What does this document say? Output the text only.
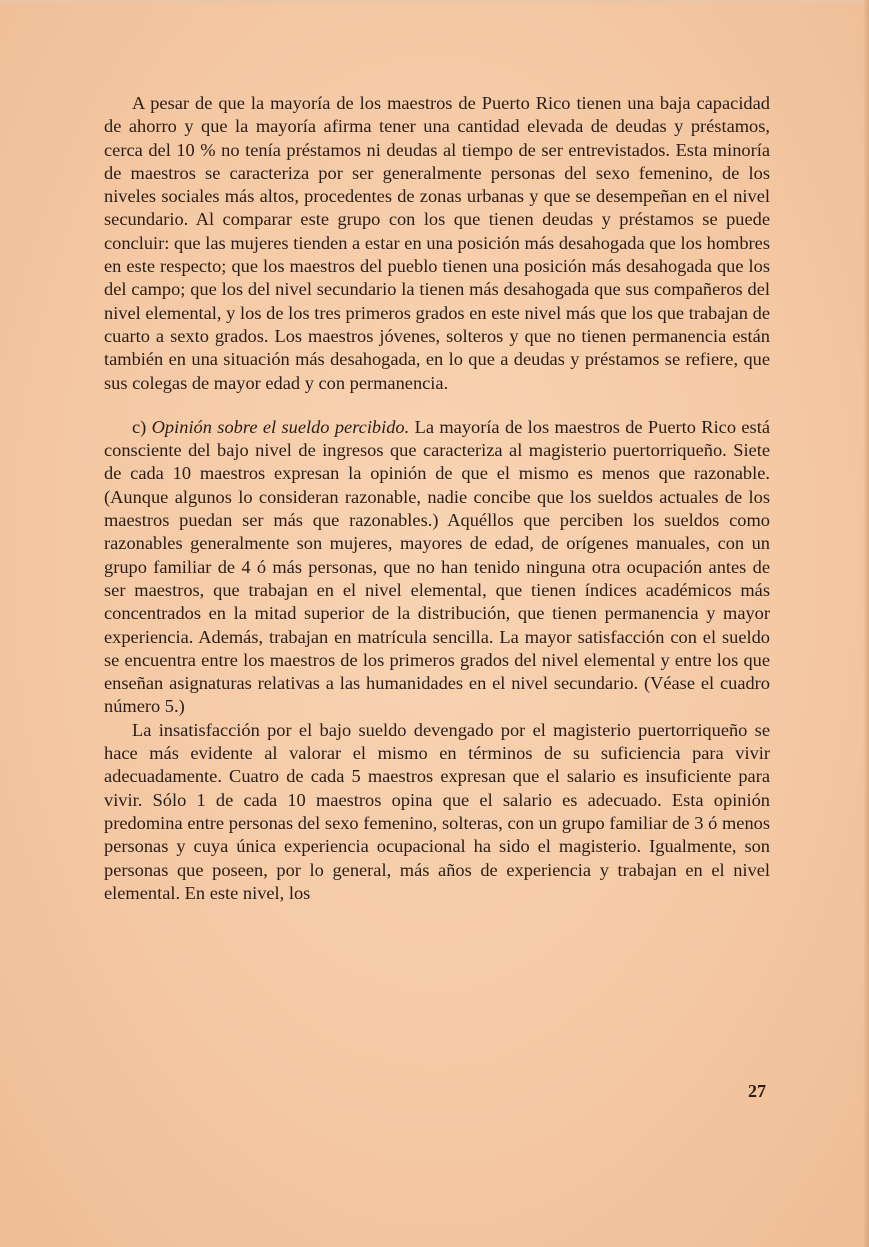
A pesar de que la mayoría de los maestros de Puerto Rico tienen una baja capacidad de ahorro y que la mayoría afirma tener una cantidad elevada de deudas y préstamos, cerca del 10 % no tenía préstamos ni deudas al tiempo de ser entrevistados. Esta minoría de maestros se caracteriza por ser generalmente personas del sexo femenino, de los niveles sociales más altos, procedentes de zonas urbanas y que se desempeñan en el nivel secundario. Al comparar este grupo con los que tienen deudas y préstamos se puede concluir: que las mujeres tienden a estar en una posición más desahogada que los hombres en este respecto; que los maestros del pueblo tienen una posición más desahogada que los del campo; que los del nivel secundario la tienen más desahogada que sus compañeros del nivel elemental, y los de los tres primeros grados en este nivel más que los que trabajan de cuarto a sexto grados. Los maestros jóvenes, solteros y que no tienen permanencia están también en una situación más desahogada, en lo que a deudas y préstamos se refiere, que sus colegas de mayor edad y con permanencia.

c) Opinión sobre el sueldo percibido. La mayoría de los maestros de Puerto Rico está consciente del bajo nivel de ingresos que caracteriza al magisterio puertorriqueño. Siete de cada 10 maestros expresan la opinión de que el mismo es menos que razonable. (Aunque algunos lo consideran razonable, nadie concibe que los sueldos actuales de los maestros puedan ser más que razonables.) Aquéllos que perciben los sueldos como razonables generalmente son mujeres, mayores de edad, de orígenes manuales, con un grupo familiar de 4 ó más personas, que no han tenido ninguna otra ocupación antes de ser maestros, que trabajan en el nivel elemental, que tienen índices académicos más concentrados en la mitad superior de la distribución, que tienen permanencia y mayor experiencia. Además, trabajan en matrícula sencilla. La mayor satisfacción con el sueldo se encuentra entre los maestros de los primeros grados del nivel elemental y entre los que enseñan asignaturas relativas a las humanidades en el nivel secundario. (Véase el cuadro número 5.)

La insatisfacción por el bajo sueldo devengado por el magisterio puertorriqueño se hace más evidente al valorar el mismo en términos de su suficiencia para vivir adecuadamente. Cuatro de cada 5 maestros expresan que el salario es insuficiente para vivir. Sólo 1 de cada 10 maestros opina que el salario es adecuado. Esta opinión predomina entre personas del sexo femenino, solteras, con un grupo familiar de 3 ó menos personas y cuya única experiencia ocupacional ha sido el magisterio. Igualmente, son personas que poseen, por lo general, más años de experiencia y trabajan en el nivel elemental. En este nivel, los

27
